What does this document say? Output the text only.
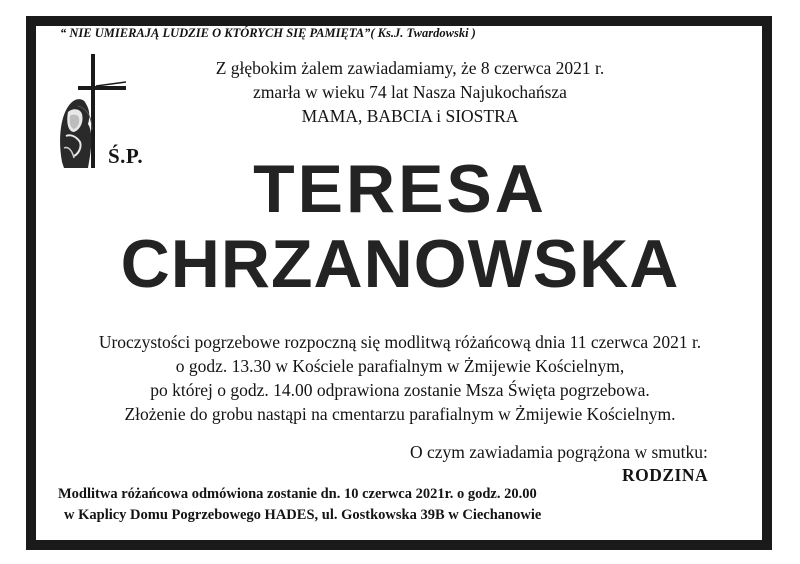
“ NIE UMIERAJĄ LUDZIE O KTÓRYCH SIĘ PAMIĘTA”( Ks.J. Twardowski )
Z głębokim żalem zawiadamiamy, że 8 czerwca 2021 r.
zmarła w wieku 74 lat Nasza Najukochańsza
MAMA, BABCIA i SIOSTRA
Ś.P.	TERESA
CHRZANOWSKA
Uroczystości pogrzebowe rozpoczną się modlitwą różańcową dnia 11 czerwca 2021 r.
o godz. 13.30 w Kościele parafialnym w Żmijewie Kościelnym,
po której o godz. 14.00 odprawiona zostanie Msza Święta pogrzebowa.
Złożenie do grobu nastąpi na cmentarzu parafialnym w Żmijewie Kościelnym.
O czym zawiadamia pogrążona w smutku:
RODZINA
Modlitwa różańcowa odmówiona zostanie dn. 10 czerwca 2021r. o godz. 20.00
w Kaplicy Domu Pogrzebowego HADES, ul. Gostkowska 39B w Ciechanowie
